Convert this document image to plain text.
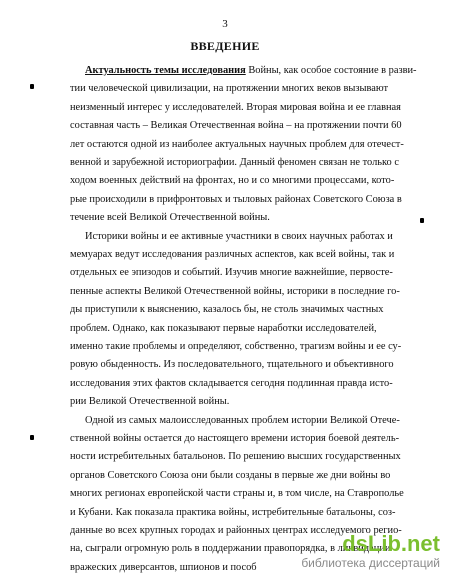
3
ВВЕДЕНИЕ
Актуальность темы исследования Войны, как особое состояние в разви-
тии человеческой цивилизации, на протяжении многих веков вызывают
неизменный интерес у исследователей. Вторая мировая война и ее главная
составная часть – Великая Отечественная война – на протяжении почти 60
лет остаются одной из наиболее актуальных научных проблем для отечест-
венной и зарубежной историографии. Данный феномен связан не только с
ходом военных действий на фронтах, но и со многими процессами, кото-
рые происходили в прифронтовых и тыловых районах Советского Союза в
течение всей Великой Отечественной войны.
Историки войны и ее активные участники в своих научных работах и
мемуарах ведут исследования различных аспектов, как всей войны, так и
отдельных ее эпизодов и событий. Изучив многие важнейшие, первосте-
пенные аспекты Великой Отечественной войны, историки в последние го-
ды приступили к выяснению, казалось бы, не столь значимых частных
проблем. Однако, как показывают первые наработки исследователей,
именно такие проблемы и определяют, собственно, трагизм войны и ее су-
ровую обыденность. Из последовательного, тщательного и объективного
исследования этих фактов складывается сегодня подлинная правда исто-
рии Великой Отечественной войны.
Одной из самых малоисследованных проблем истории Великой Отече-
ственной войны остается до настоящего времени история боевой деятель-
ности истребительных батальонов. По решению высших государственных
органов Советского Союза они были созданы в первые же дни войны во
многих регионах европейской части страны и, в том числе, на Ставрополье
и Кубани. Как показала практика войны, истребительные батальоны, соз-
данные во всех крупных городах и районных центрах исследуемого регио-
на, сыграли огромную роль в поддержании правопорядка, в ликвидации
вражеских диверсантов, шпионов и пособ
dsLib.net
библиотека диссертаций
